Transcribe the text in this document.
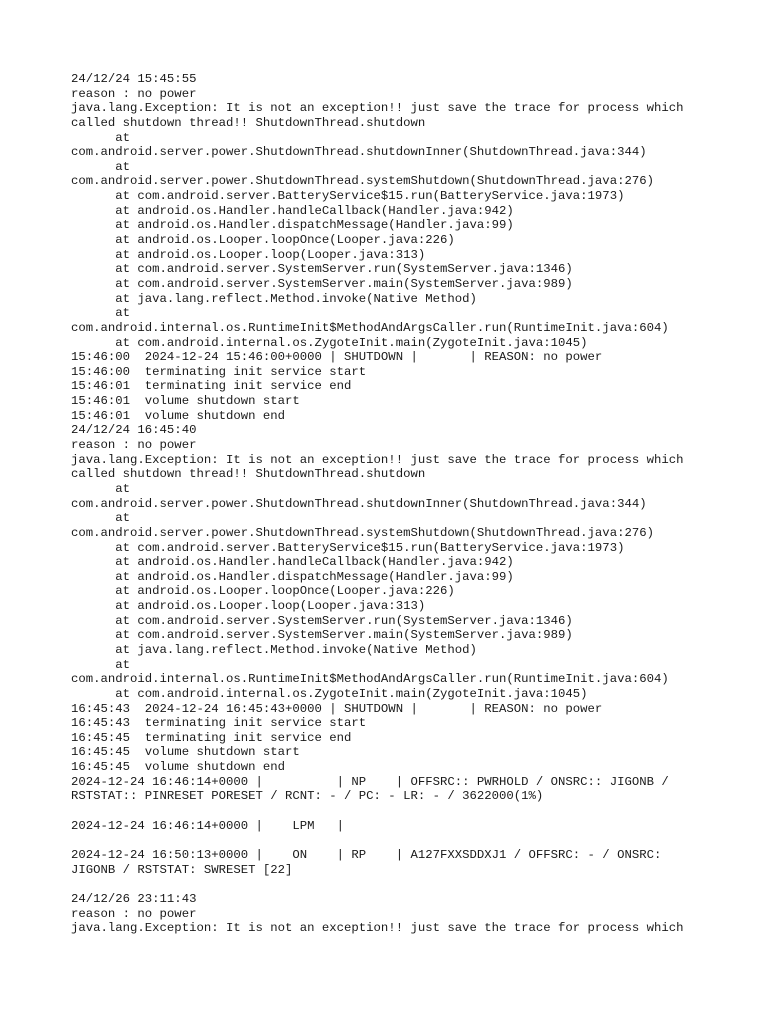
24/12/24 15:45:55
reason : no power
java.lang.Exception: It is not an exception!! just save the trace for process which
called shutdown thread!! ShutdownThread.shutdown
at
com.android.server.power.ShutdownThread.shutdownInner(ShutdownThread.java:344)
at
com.android.server.power.ShutdownThread.systemShutdown(ShutdownThread.java:276)
at com.android.server.BatteryService$15.run(BatteryService.java:1973)
at android.os.Handler.handleCallback(Handler.java:942)
at android.os.Handler.dispatchMessage(Handler.java:99)
at android.os.Looper.loopOnce(Looper.java:226)
at android.os.Looper.loop(Looper.java:313)
at com.android.server.SystemServer.run(SystemServer.java:1346)
at com.android.server.SystemServer.main(SystemServer.java:989)
at java.lang.reflect.Method.invoke(Native Method)
at
com.android.internal.os.RuntimeInit$MethodAndArgsCaller.run(RuntimeInit.java:604)
at com.android.internal.os.ZygoteInit.main(ZygoteInit.java:1045)
15:46:00  2024-12-24 15:46:00+0000 | SHUTDOWN |       | REASON: no power
15:46:00  terminating init service start
15:46:01  terminating init service end
15:46:01  volume shutdown start
15:46:01  volume shutdown end
24/12/24 16:45:40
reason : no power
java.lang.Exception: It is not an exception!! just save the trace for process which
called shutdown thread!! ShutdownThread.shutdown
at
com.android.server.power.ShutdownThread.shutdownInner(ShutdownThread.java:344)
at
com.android.server.power.ShutdownThread.systemShutdown(ShutdownThread.java:276)
at com.android.server.BatteryService$15.run(BatteryService.java:1973)
at android.os.Handler.handleCallback(Handler.java:942)
at android.os.Handler.dispatchMessage(Handler.java:99)
at android.os.Looper.loopOnce(Looper.java:226)
at android.os.Looper.loop(Looper.java:313)
at com.android.server.SystemServer.run(SystemServer.java:1346)
at com.android.server.SystemServer.main(SystemServer.java:989)
at java.lang.reflect.Method.invoke(Native Method)
at
com.android.internal.os.RuntimeInit$MethodAndArgsCaller.run(RuntimeInit.java:604)
at com.android.internal.os.ZygoteInit.main(ZygoteInit.java:1045)
16:45:43  2024-12-24 16:45:43+0000 | SHUTDOWN |       | REASON: no power
16:45:43  terminating init service start
16:45:45  terminating init service end
16:45:45  volume shutdown start
16:45:45  volume shutdown end
2024-12-24 16:46:14+0000 |          | NP    | OFFSRC:: PWRHOLD / ONSRC:: JIGONB /
RSTSTAT:: PINRESET PORESET / RCNT: - / PC: - LR: - / 3622000(1%)
2024-12-24 16:46:14+0000 |    LPM   |
2024-12-24 16:50:13+0000 |    ON    | RP    | A127FXXSDDXJ1 / OFFSRC: - / ONSRC:
JIGONB / RSTSTAT: SWRESET [22]
24/12/26 23:11:43
reason : no power
java.lang.Exception: It is not an exception!! just save the trace for process which
